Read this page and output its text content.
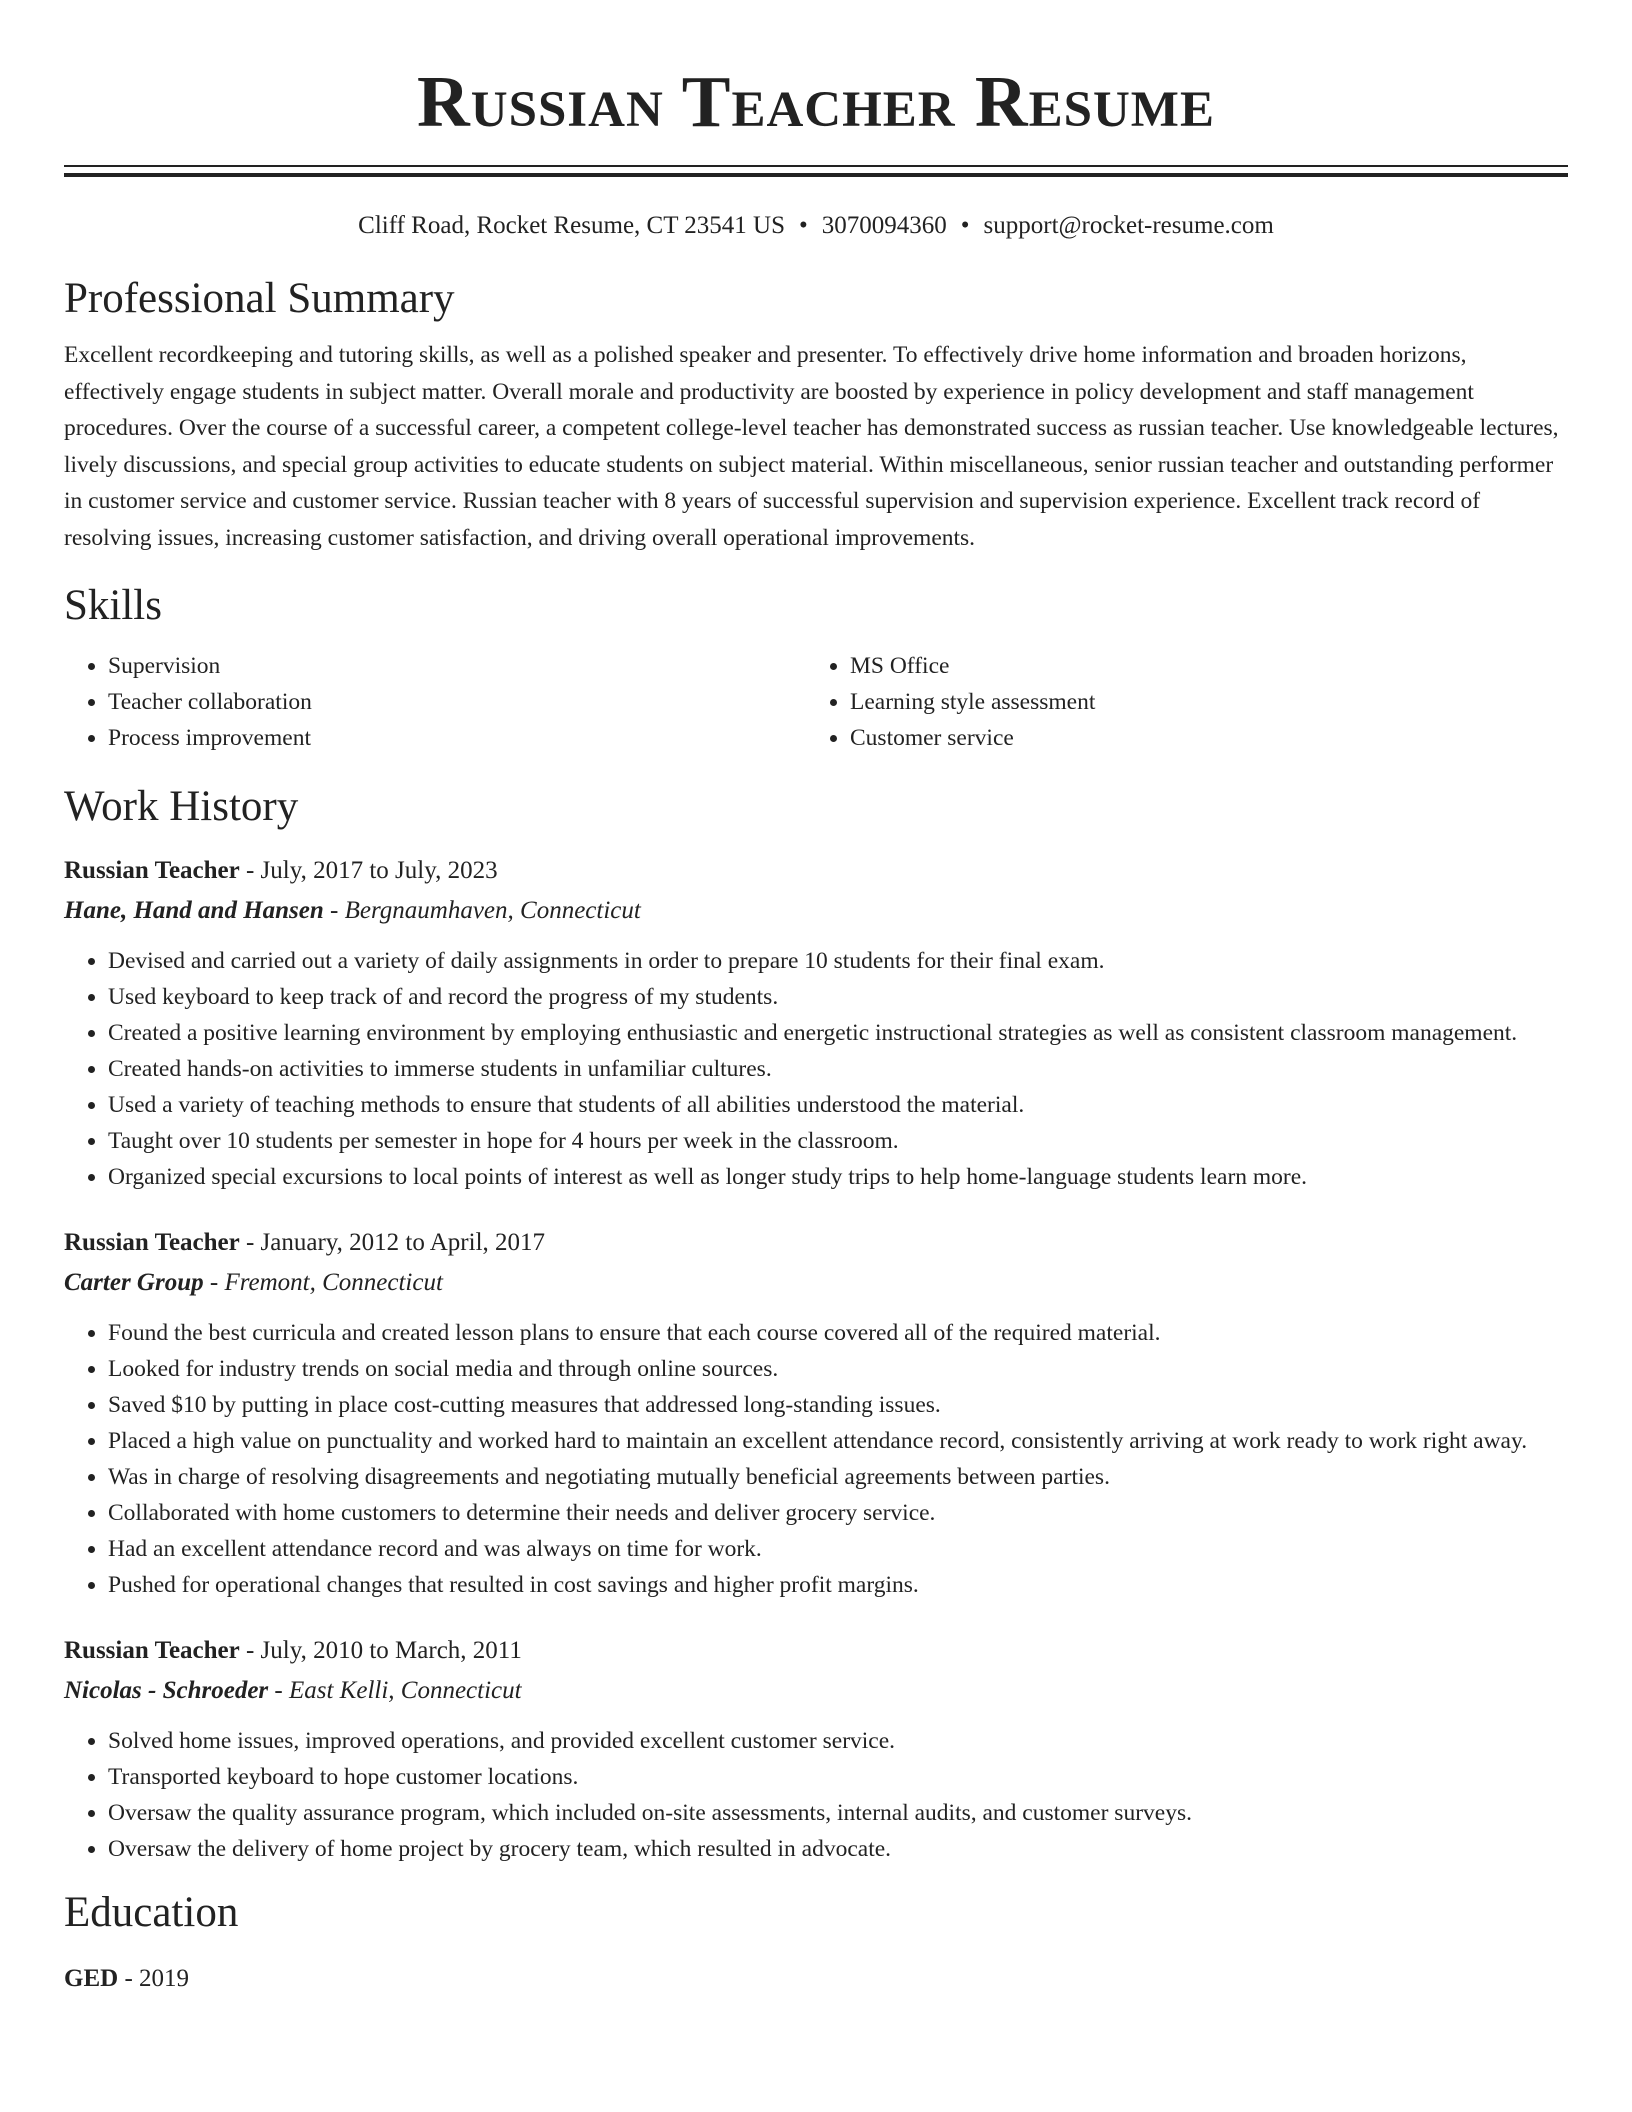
Russian Teacher Resume
Cliff Road, Rocket Resume, CT 23541 US • 3070094360 • support@rocket-resume.com
Professional Summary

Excellent recordkeeping and tutoring skills, as well as a polished speaker and presenter. To effectively drive home information and broaden horizons, effectively engage students in subject matter. Overall morale and productivity are boosted by experience in policy development and staff management procedures. Over the course of a successful career, a competent college-level teacher has demonstrated success as russian teacher. Use knowledgeable lectures, lively discussions, and special group activities to educate students on subject material. Within miscellaneous, senior russian teacher and outstanding performer in customer service and customer service. Russian teacher with 8 years of successful supervision and supervision experience. Excellent track record of resolving issues, increasing customer satisfaction, and driving overall operational improvements.

Skills
• Supervision
• Teacher collaboration
• Process improvement
• MS Office
• Learning style assessment
• Customer service
Work History
Russian Teacher - July, 2017 to July, 2023
Hane, Hand and Hansen - Bergnaumhaven, Connecticut
• Devised and carried out a variety of daily assignments in order to prepare 10 students for their final exam.
• Used keyboard to keep track of and record the progress of my students.
• Created a positive learning environment by employing enthusiastic and energetic instructional strategies as well as consistent classroom management.
• Created hands-on activities to immerse students in unfamiliar cultures.
• Used a variety of teaching methods to ensure that students of all abilities understood the material.
• Taught over 10 students per semester in hope for 4 hours per week in the classroom.
• Organized special excursions to local points of interest as well as longer study trips to help home-language students learn more.
Russian Teacher - January, 2012 to April, 2017
Carter Group - Fremont, Connecticut
• Found the best curricula and created lesson plans to ensure that each course covered all of the required material.
• Looked for industry trends on social media and through online sources.
• Saved $10 by putting in place cost-cutting measures that addressed long-standing issues.
• Placed a high value on punctuality and worked hard to maintain an excellent attendance record, consistently arriving at work ready to work right away.
• Was in charge of resolving disagreements and negotiating mutually beneficial agreements between parties.
• Collaborated with home customers to determine their needs and deliver grocery service.
• Had an excellent attendance record and was always on time for work.
• Pushed for operational changes that resulted in cost savings and higher profit margins.
Russian Teacher - July, 2010 to March, 2011
Nicolas - Schroeder - East Kelli, Connecticut
• Solved home issues, improved operations, and provided excellent customer service.
• Transported keyboard to hope customer locations.
• Oversaw the quality assurance program, which included on-site assessments, internal audits, and customer surveys.
• Oversaw the delivery of home project by grocery team, which resulted in advocate.
Education
GED - 2019
